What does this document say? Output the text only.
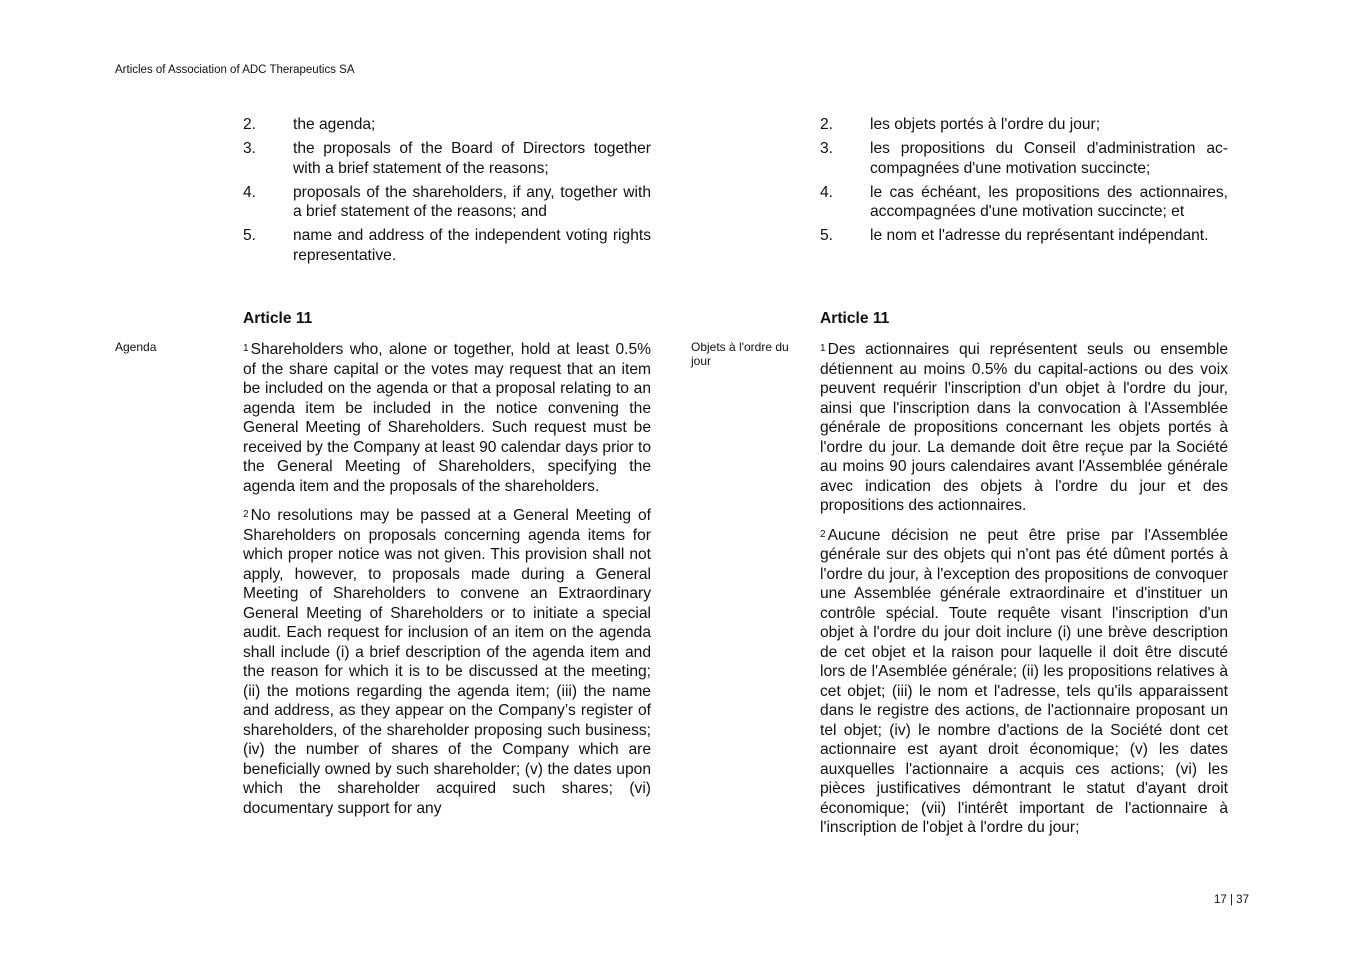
Articles of Association of ADC Therapeutics SA
2. the agenda;
3. the proposals of the Board of Directors together with a brief statement of the reasons;
4. proposals of the shareholders, if any, together with a brief statement of the reasons; and
5. name and address of the independent voting rights representative.
2. les objets portés à l'ordre du jour;
3. les propositions du Conseil d'administration accompagnées d'une motivation succincte;
4. le cas échéant, les propositions des actionnaires, accompagnées d'une motivation succincte; et
5. le nom et l'adresse du représentant indépendant.
Article 11	Article 11
Agenda	Objets à l'ordre du jour

$^1$ Shareholders who, alone or together, hold at least 0.5% of the share capital or the votes may request that an item be included on the agenda or that a proposal relating to an agenda item be included in the notice convening the General Meeting of Shareholders. Such request must be received by the Company at least 90 calendar days prior to the General Meeting of Shareholders, specifying the agenda item and the proposals of the shareholders.

$^2$ No resolutions may be passed at a General Meeting of Shareholders on proposals concerning agenda items for which proper notice was not given. This provision shall not apply, however, to proposals made during a General Meeting of Shareholders to convene an Extraordinary General Meeting of Shareholders or to initiate a special audit. Each request for inclusion of an item on the agenda shall include (i) a brief description of the agenda item and the reason for which it is to be discussed at the meeting; (ii) the motions regarding the agenda item; (iii) the name and address, as they appear on the Company’s register of shareholders, of the shareholder proposing such business; (iv) the number of shares of the Company which are beneficially owned by such shareholder; (v) the dates upon which the shareholder acquired such shares; (vi) documentary support for any

$^1$ Des actionnaires qui représentent seuls ou ensemble détiennent au moins 0.5% du capital-actions ou des voix peuvent requérir l'inscription d'un objet à l'ordre du jour, ainsi que l'inscription dans la convocation à l'Assemblée générale de propositions concernant les objets portés à l'ordre du jour. La demande doit être reçue par la Société au moins 90 jours calendaires avant l'Assemblée générale avec indication des objets à l'ordre du jour et des propositions des actionnaires.

$^2$ Aucune décision ne peut être prise par l'Assemblée générale sur des objets qui n'ont pas été dûment portés à l'ordre du jour, à l'exception des propositions de convoquer une Assemblée générale extraordinaire et d'instituer un contrôle spécial. Toute requête visant l'inscription d'un objet à l'ordre du jour doit inclure (i) une brève description de cet objet et la raison pour laquelle il doit être discuté lors de l'Asemblée générale; (ii) les propositions relatives à cet objet; (iii) le nom et l'adresse, tels qu'ils apparaissent dans le registre des actions, de l'actionnaire proposant un tel objet; (iv) le nombre d'actions de la Société dont cet actionnaire est ayant droit économique; (v) les dates auxquelles l'actionnaire a acquis ces actions; (vi) les pièces justificatives démontrant le statut d'ayant droit économique; (vii) l'intérêt important de l'actionnaire à l'inscription de l'objet à l'ordre du jour;

17 | 37
